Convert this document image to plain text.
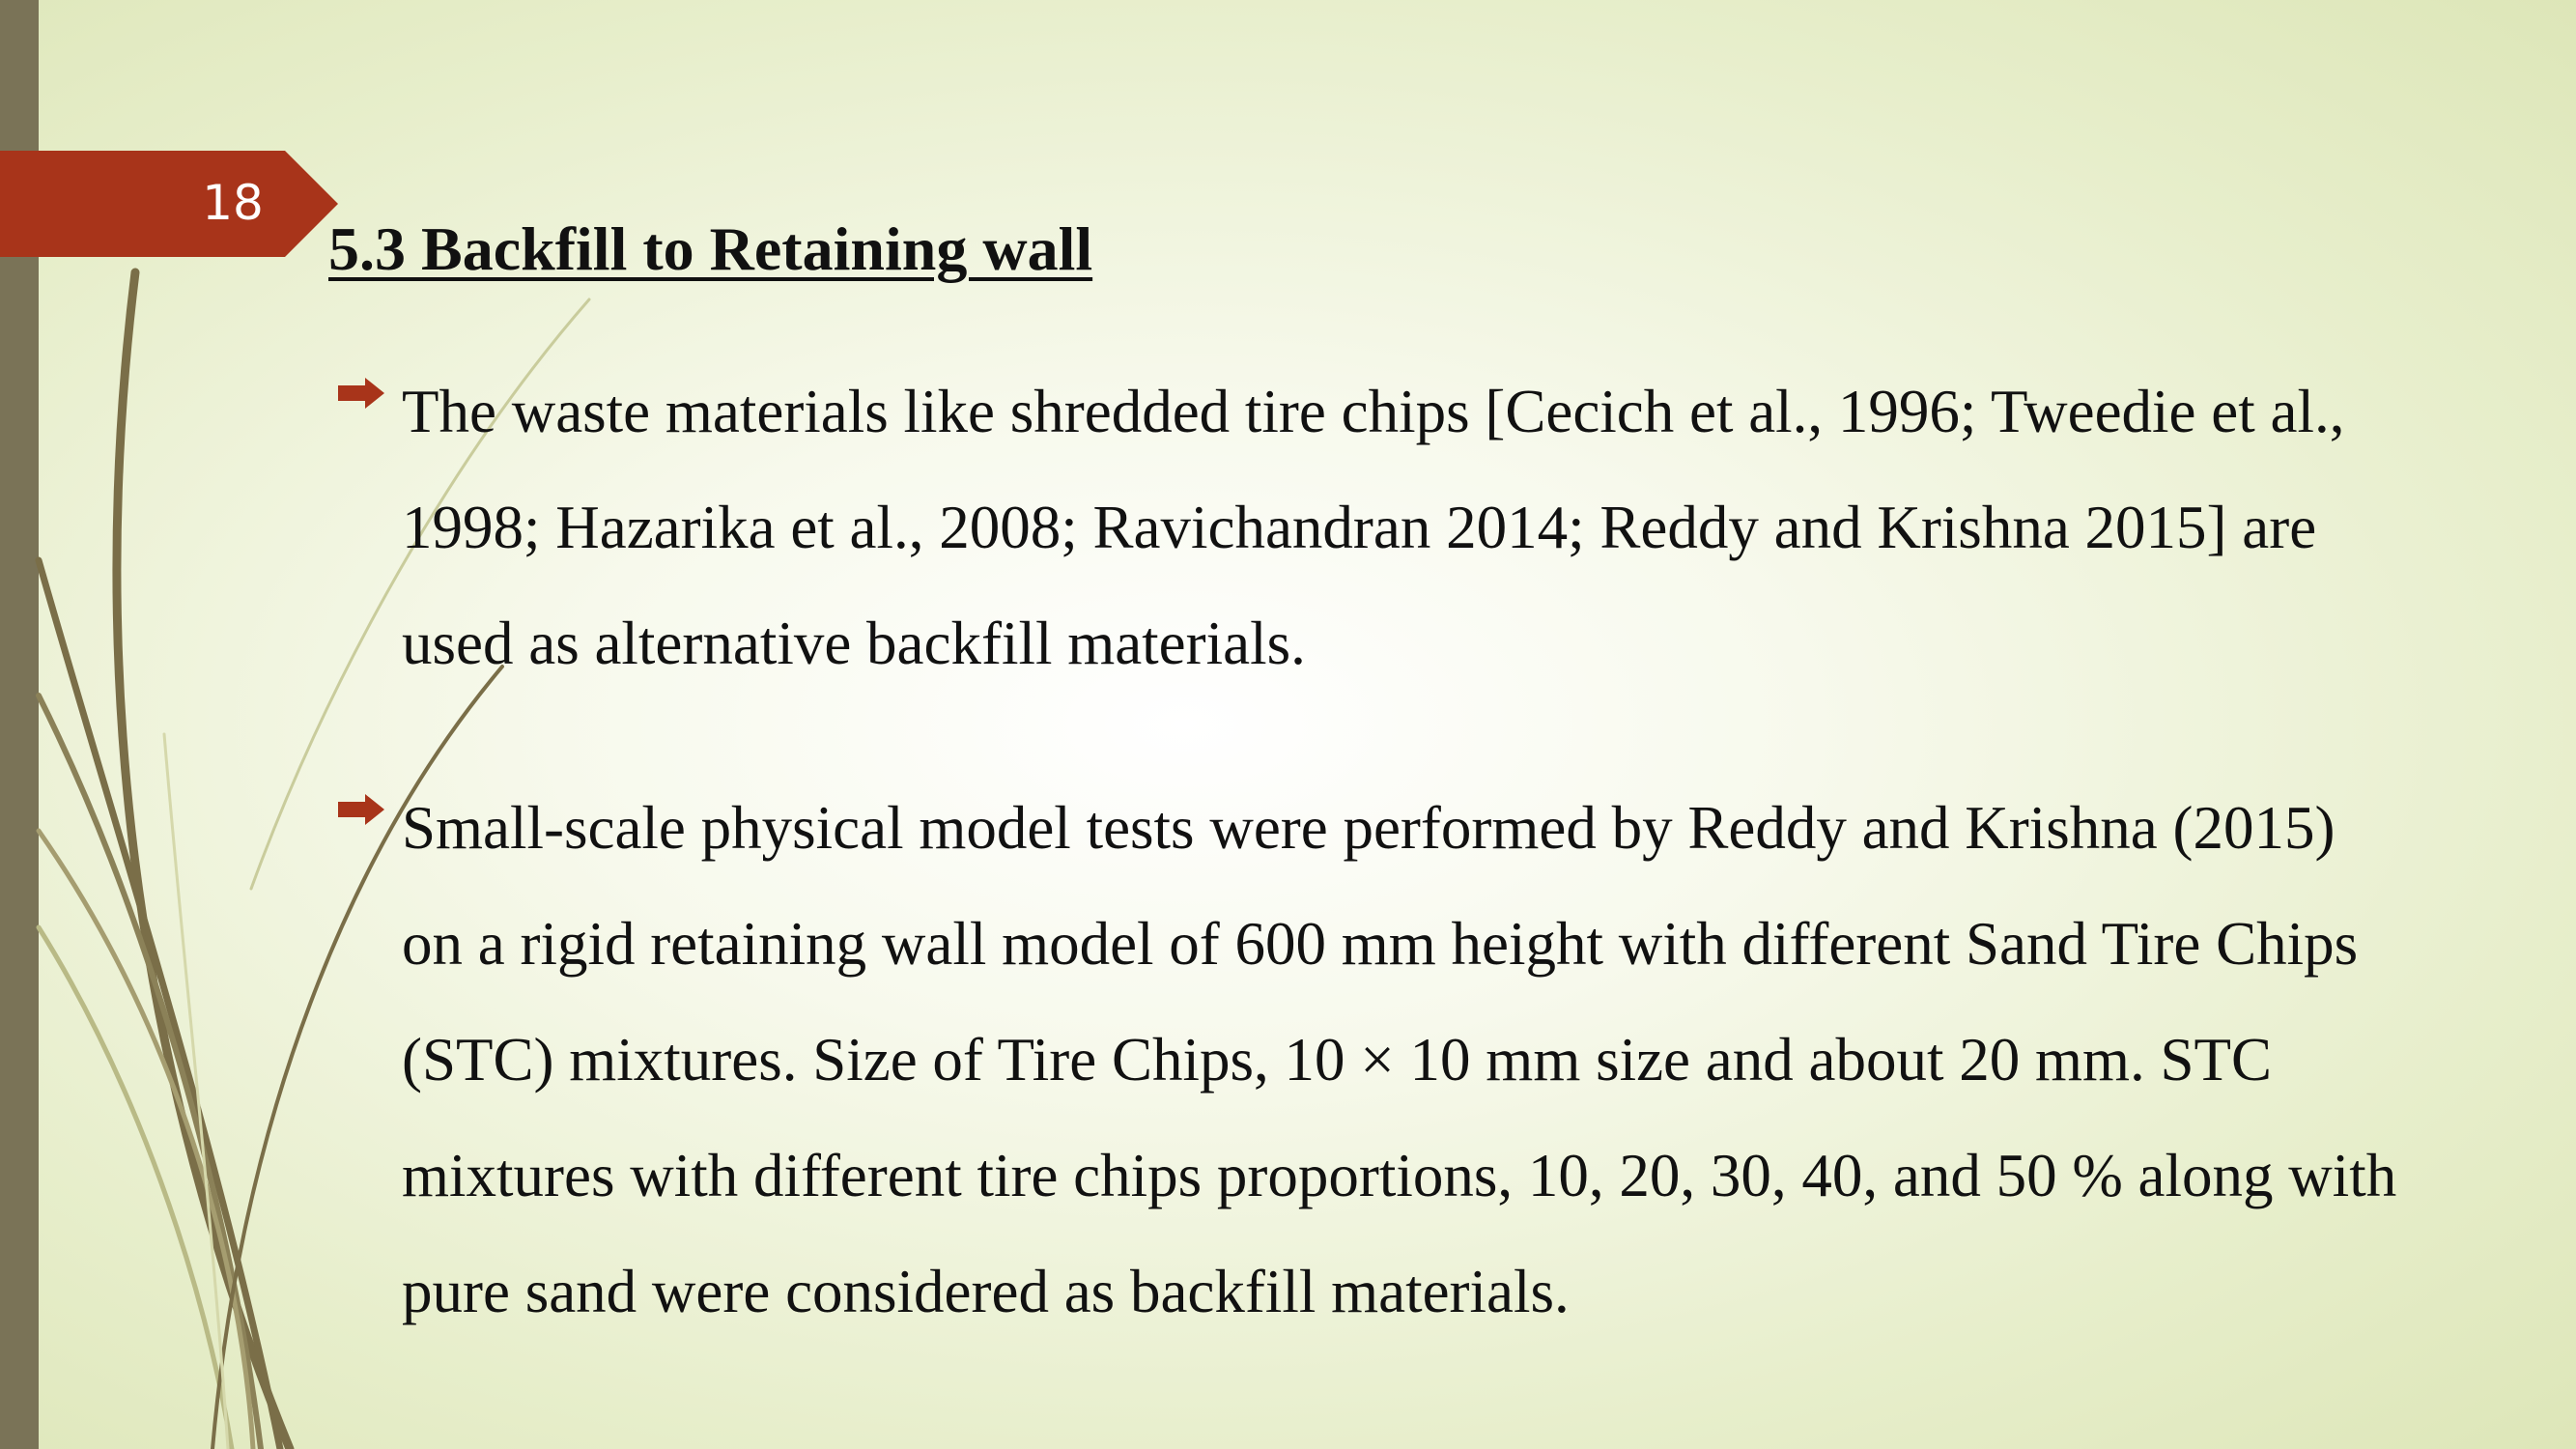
18
5.3 Backfill to Retaining wall
The waste materials like shredded tire chips [Cecich et al., 1996; Tweedie et al.,
1998; Hazarika et al., 2008; Ravichandran 2014; Reddy and Krishna 2015] are
used as alternative backfill materials.
Small-scale physical model tests were performed by Reddy and Krishna (2015)
on a rigid retaining wall model of 600 mm height with different Sand Tire Chips
(STC) mixtures. Size of Tire Chips, 10 × 10 mm size and about 20 mm. STC
mixtures with different tire chips proportions, 10, 20, 30, 40, and 50 % along with
pure sand were considered as backfill materials.
